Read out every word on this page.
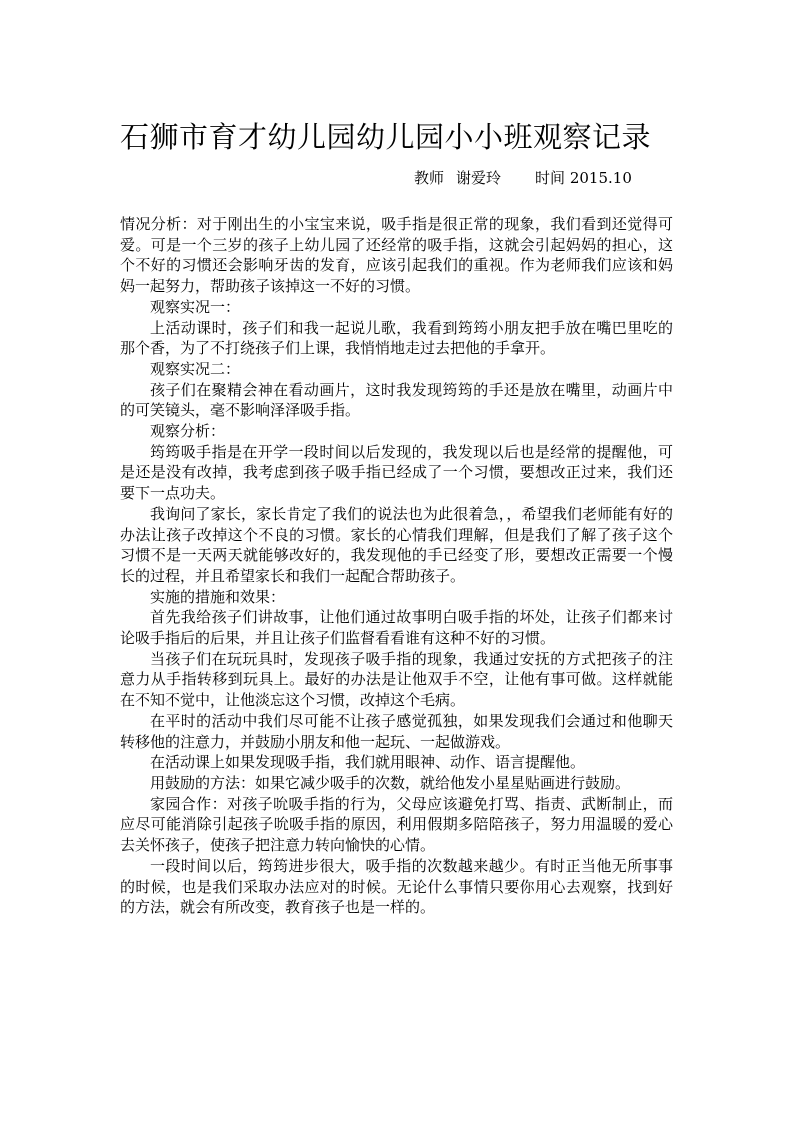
石狮市育才幼儿园幼儿园小小班观察记录
教师 谢爱玲 时间 2015.10

情况分析：对于刚出生的小宝宝来说，吸手指是很正常的现象，我们看到还觉得可爱。可是一个三岁的孩子上幼儿园了还经常的吸手指，这就会引起妈妈的担心，这个不好的习惯还会影响牙齿的发育，应该引起我们的重视。作为老师我们应该和妈妈一起努力，帮助孩子该掉这一不好的习惯。

观察实况一：

上活动课时，孩子们和我一起说儿歌，我看到筠筠小朋友把手放在嘴巴里吃的那个香，为了不打绕孩子们上课，我悄悄地走过去把他的手拿开。

观察实况二：

孩子们在聚精会神在看动画片，这时我发现筠筠的手还是放在嘴里，动画片中的可笑镜头，毫不影响泽泽吸手指。

观察分析：

筠筠吸手指是在开学一段时间以后发现的，我发现以后也是经常的提醒他，可是还是没有改掉，我考虑到孩子吸手指已经成了一个习惯，要想改正过来，我们还要下一点功夫。

我询问了家长，家长肯定了我们的说法也为此很着急，，希望我们老师能有好的办法让孩子改掉这个不良的习惯。家长的心情我们理解，但是我们了解了孩子这个习惯不是一天两天就能够改好的，我发现他的手已经变了形，要想改正需要一个慢长的过程，并且希望家长和我们一起配合帮助孩子。

实施的措施和效果：

首先我给孩子们讲故事，让他们通过故事明白吸手指的坏处，让孩子们都来讨论吸手指后的后果，并且让孩子们监督看看谁有这种不好的习惯。

当孩子们在玩玩具时，发现孩子吸手指的现象，我通过安抚的方式把孩子的注意力从手指转移到玩具上。最好的办法是让他双手不空，让他有事可做。这样就能在不知不觉中，让他淡忘这个习惯，改掉这个毛病。

在平时的活动中我们尽可能不让孩子感觉孤独，如果发现我们会通过和他聊天转移他的注意力，并鼓励小朋友和他一起玩、一起做游戏。

在活动课上如果发现吸手指，我们就用眼神、动作、语言提醒他。

用鼓励的方法：如果它减少吸手的次数，就给他发小星星贴画进行鼓励。

家园合作：对孩子吮吸手指的行为，父母应该避免打骂、指责、武断制止，而应尽可能消除引起孩子吮吸手指的原因，利用假期多陪陪孩子，努力用温暖的爱心去关怀孩子，使孩子把注意力转向愉快的心情。

一段时间以后，筠筠进步很大，吸手指的次数越来越少。有时正当他无所事事的时候，也是我们采取办法应对的时候。无论什么事情只要你用心去观察，找到好的方法，就会有所改变，教育孩子也是一样的。
